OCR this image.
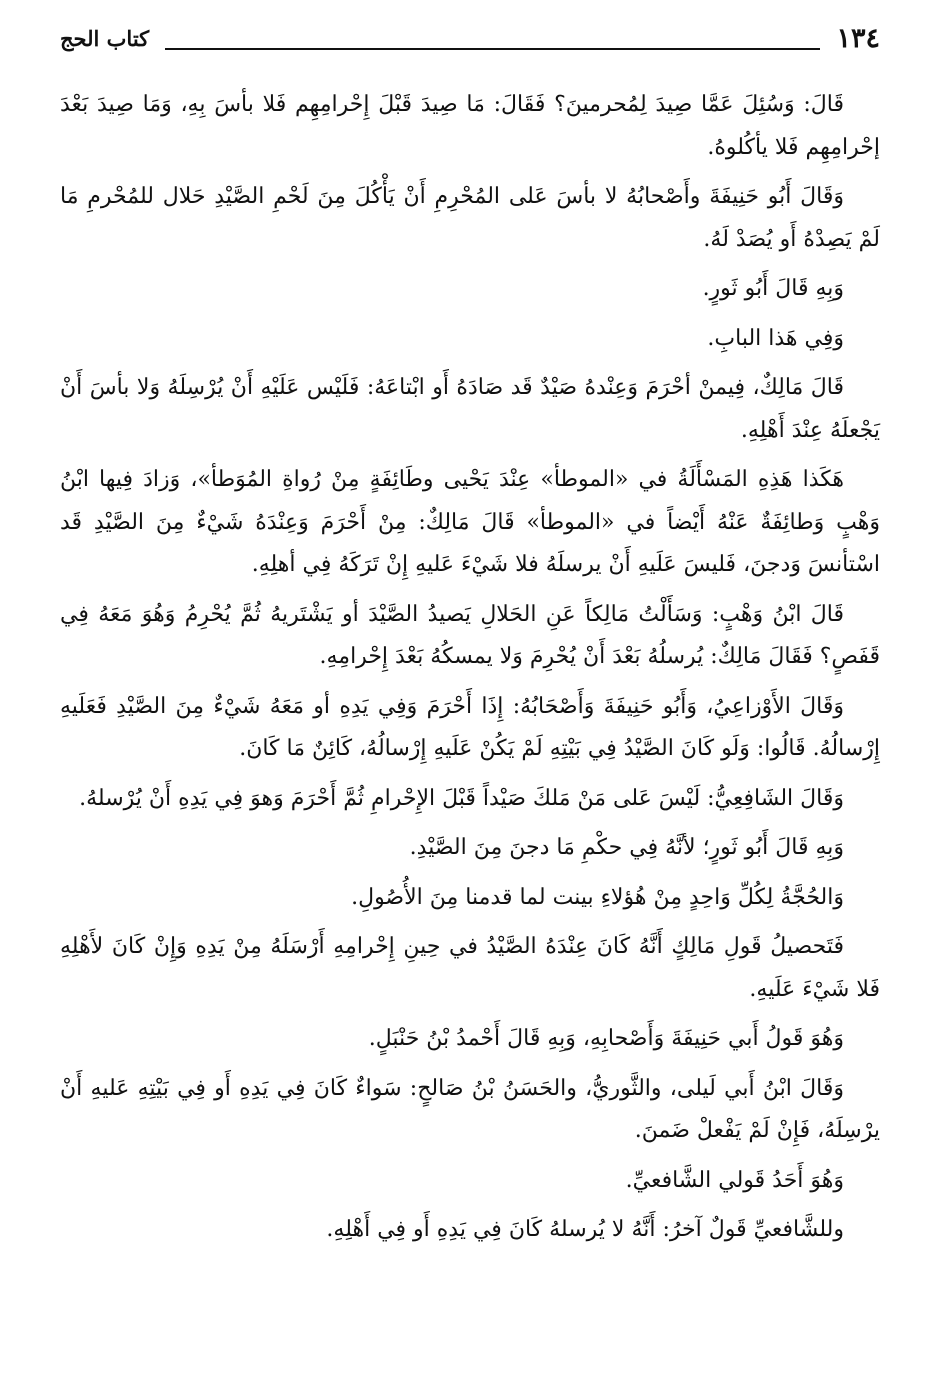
١٣٤
كتاب الحج

قَالَ: وَسُئِلَ عَمَّا صِيدَ لِمُحرمينَ؟ فَقَالَ: مَا صِيدَ قَبْلَ إِحْرامِهِم فَلا بأسَ بِهِ، وَمَا صِيدَ بَعْدَ إحْرامِهِم فَلا يأكُلوهُ.

وَقَالَ أَبُو حَنِيفَةَ وأَصْحابُهُ لا بأسَ عَلى المُحْرِمِ أَنْ يَأْكُلَ مِنَ لَحْمِ الصَّيْدِ حَلال للمُحْرمِ مَا لَمْ يَصِدْهُ أَو يُصَدْ لَهُ.

وَبِهِ قَالَ أَبُو ثَورٍ.

وَفِي هَذا البابِ.

قَالَ مَالِكٌ، فِيمنْ أحْرَمَ وَعِنْدهُ صَيْدٌ قَد صَادَهُ أَو ابْتاعَهُ: فَلَيْس عَلَيْهِ أَنْ يُرْسِلَهُ وَلا بأسَ أَنْ يَجْعلَهُ عِنْدَ أَهْلِهِ.

هَكَذا هَذِهِ المَسْأَلَةُ في «الموطأ» عِنْدَ يَحْيى وطَائِفَةٍ مِنْ رُواةِ المُوَطأ»، وَزادَ فِيها ابْنُ وَهْبٍ وَطائِفَةٌ عَنْهُ أَيْضاً في «الموطأ» قَالَ مَالِكٌ: مِنْ أَحْرَمَ وَعِنْدَهُ شَيْءٌ مِنَ الصَّيْدِ قَد اسْتأنسَ وَدجنَ، فَليسَ عَلَيهِ أَنْ يرسلَهُ فلا شَيْءَ عَليهِ إِنْ تَرَكَهُ فِي أهلِهِ.

قَالَ ابْنُ وَهْبٍ: وَسَأَلْتُ مَالِكاً عَنِ الحَلالِ يَصيدُ الصَّيْدَ أو يَشْتَريهُ ثُمَّ يُحْرِمُ وَهُوَ مَعَهُ فِي قَفَصٍ؟ فَقَالَ مَالِكٌ: يُرسلُهُ بَعْدَ أَنْ يُحْرِمَ وَلا يمسكُهُ بَعْدَ إِحْرامِهِ.

وَقَالَ الأَوْزاعِيُ، وَأَبُو حَنِيفَةَ وَأَصْحَابُهُ: إِذَا أَحْرَمَ وَفِي يَدِهِ أو مَعَهُ شَيْءٌ مِنَ الصَّيْدِ فَعَلَيهِ إِرْسالُهُ. قَالُوا: وَلَو كَانَ الصَّيْدُ فِي بَيْتِهِ لَمْ يَكُنْ عَلَيهِ إِرْسالُهُ، كَائِنٌ مَا كَانَ.

وَقَالَ الشَافِعِيُّ: لَيْسَ عَلى مَنْ مَلكَ صَيْداً قَبْلَ الإِحْرامِ ثُمَّ أَحْرَمَ وَهوَ فِي يَدِهِ أَنْ يُرْسلهُ.

وَبِهِ قَالَ أَبُو ثَورٍ؛ لأنَّهُ فِي حكْمِ مَا دجنَ مِنَ الصَّيْدِ.

وَالحُجَّةُ لِكُلِّ وَاحِدٍ مِنْ هُؤلاءِ بينت لما قدمنا مِنَ الأُصُولِ.

فَتَحصيلُ قَولِ مَالِكٍ أَنَّهُ كَانَ عِنْدَهُ الصَّيْدُ في حِينِ إِحْرامِهِ أَرْسَلَهُ مِنْ يَدِهِ وَإِنْ كَانَ لأَهْلِهِ فَلا شَيْءَ عَلَيهِ.

وَهُوَ قَولُ أَبي حَنِيفَةَ وَأَصْحابِهِ، وَبِهِ قَالَ أَحْمدُ بْنُ حَنْبَلٍ.

وَقَالَ ابْنُ أَبي لَيلى، والثَّوريُّ، والحَسَنُ بْنُ صَالحٍ: سَواءٌ كَانَ فِي يَدِهِ أَو فِي بَيْتِهِ عَليهِ أَنْ يرْسِلَهُ، فَإِنْ لَمْ يَفْعلْ ضَمنَ.

وَهُوَ أَحَدُ قَولي الشَّافعيِّ.

وللشَّافعيِّ قَولٌ آخرُ: أَنَّهُ لا يُرسلهُ كَانَ فِي يَدِهِ أَو فِي أَهْلِهِ.
